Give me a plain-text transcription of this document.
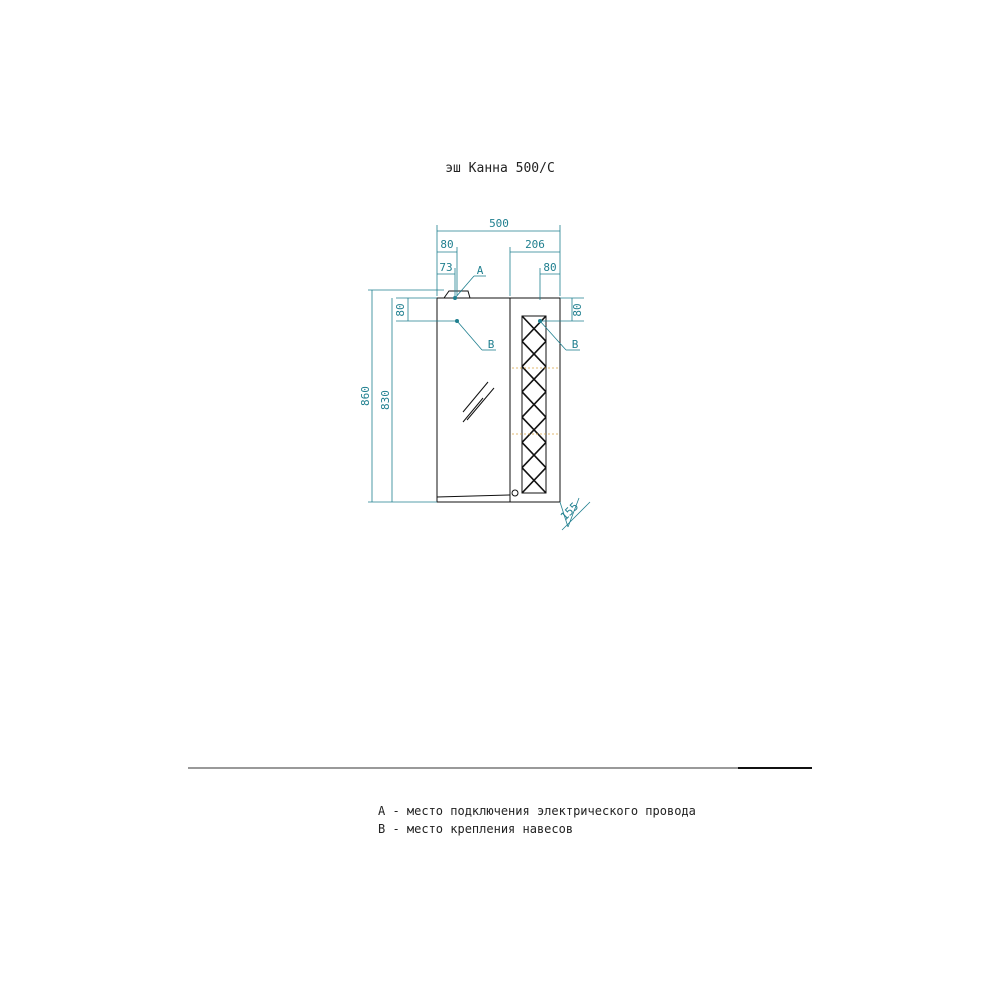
эш Канна 500/С
500
80
73
206
80
80	80
860 830
155
A
B	B
А - место подключения электрического провода
В - место крепления навесов
